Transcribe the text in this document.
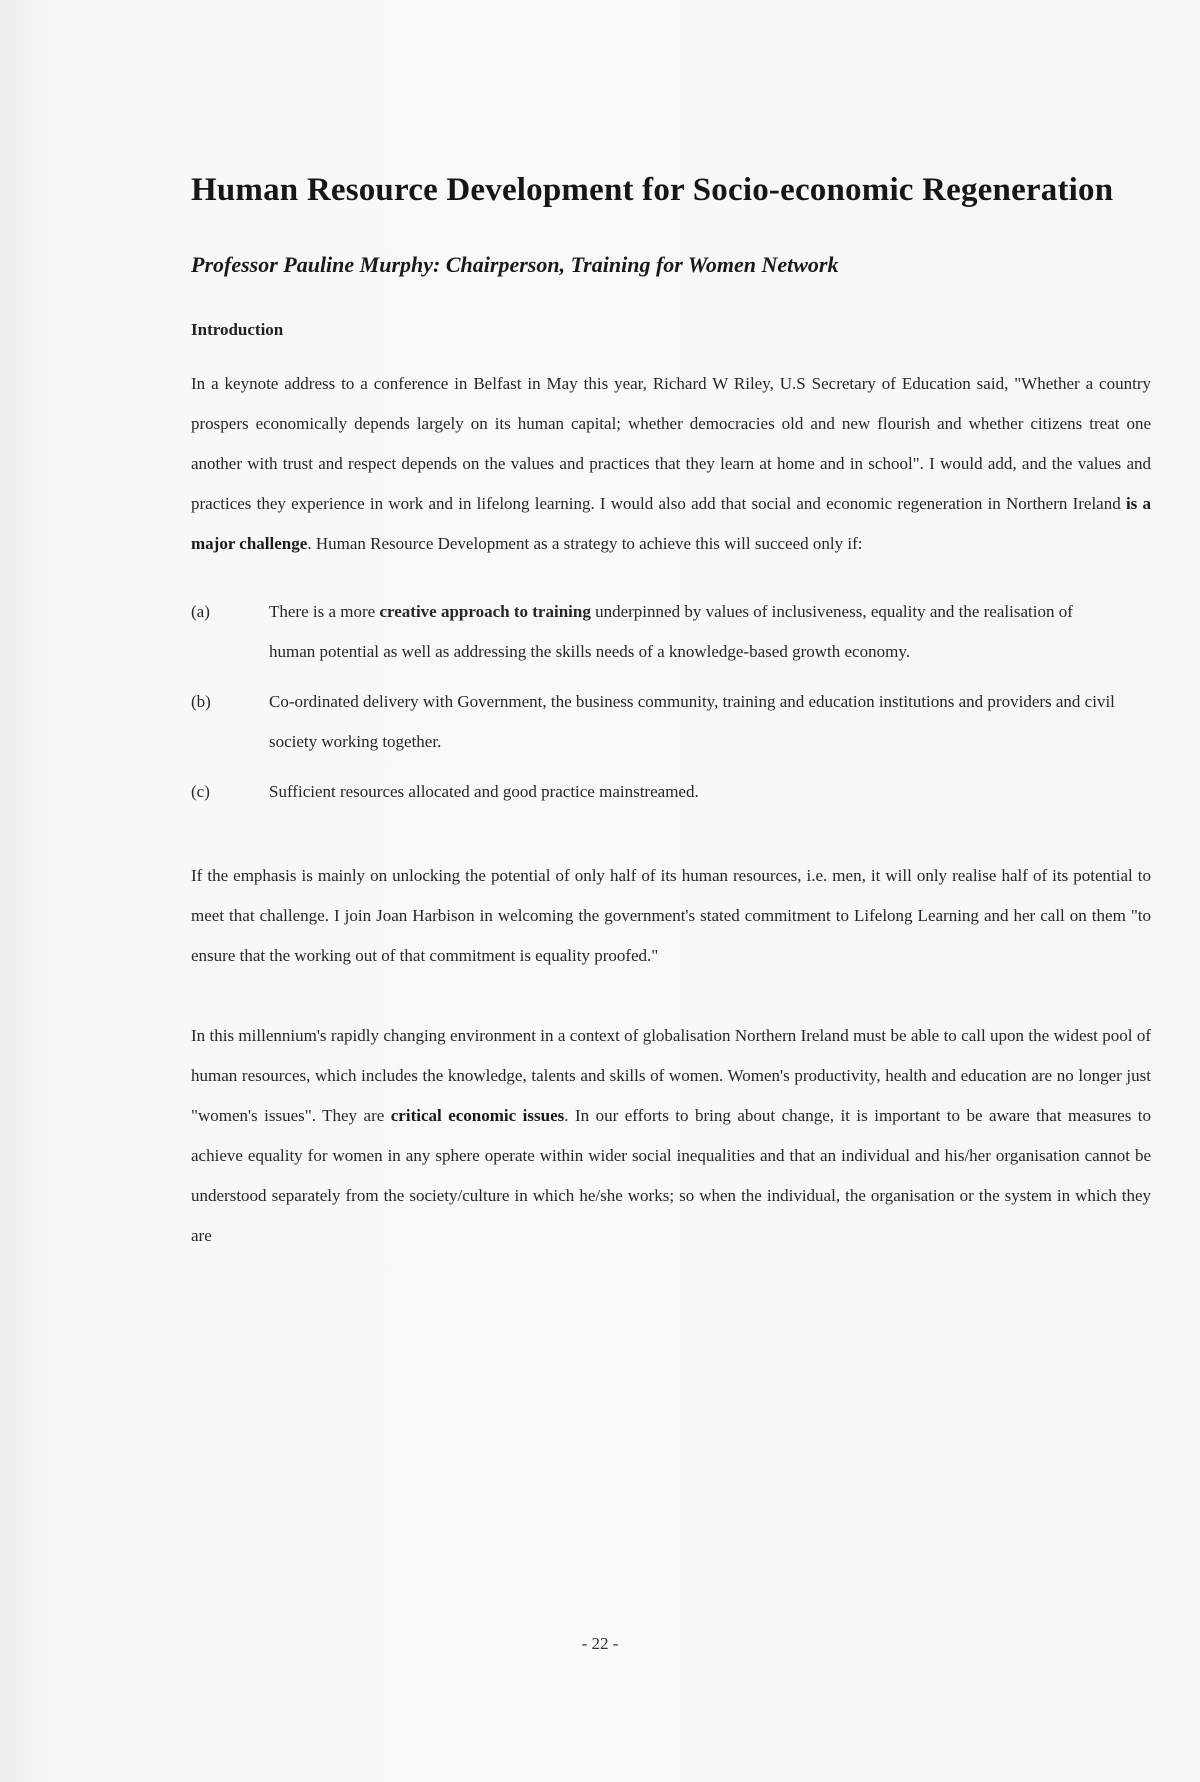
Human Resource Development for Socio-economic Regeneration
Professor Pauline Murphy: Chairperson, Training for Women Network
Introduction

In a keynote address to a conference in Belfast in May this year, Richard W Riley, U.S Secretary of Education said, "Whether a country prospers economically depends largely on its human capital; whether democracies old and new flourish and whether citizens treat one another with trust and respect depends on the values and practices that they learn at home and in school". I would add, and the values and practices they experience in work and in lifelong learning. I would also add that social and economic regeneration in Northern Ireland is a major challenge. Human Resource Development as a strategy to achieve this will succeed only if:

(a)	There is a more creative approach to training underpinned by values of inclusiveness, equality and the realisation of human potential as well as addressing the skills needs of a knowledge-based growth economy.
(b)	Co-ordinated delivery with Government, the business community, training and education institutions and providers and civil society working together.
(c)	Sufficient resources allocated and good practice mainstreamed.

If the emphasis is mainly on unlocking the potential of only half of its human resources, i.e. men, it will only realise half of its potential to meet that challenge. I join Joan Harbison in welcoming the government's stated commitment to Lifelong Learning and her call on them "to ensure that the working out of that commitment is equality proofed."

In this millennium's rapidly changing environment in a context of globalisation Northern Ireland must be able to call upon the widest pool of human resources, which includes the knowledge, talents and skills of women. Women's productivity, health and education are no longer just "women's issues". They are critical economic issues. In our efforts to bring about change, it is important to be aware that measures to achieve equality for women in any sphere operate within wider social inequalities and that an individual and his/her organisation cannot be understood separately from the society/culture in which he/she works; so when the individual, the organisation or the system in which they are

- 22 -
